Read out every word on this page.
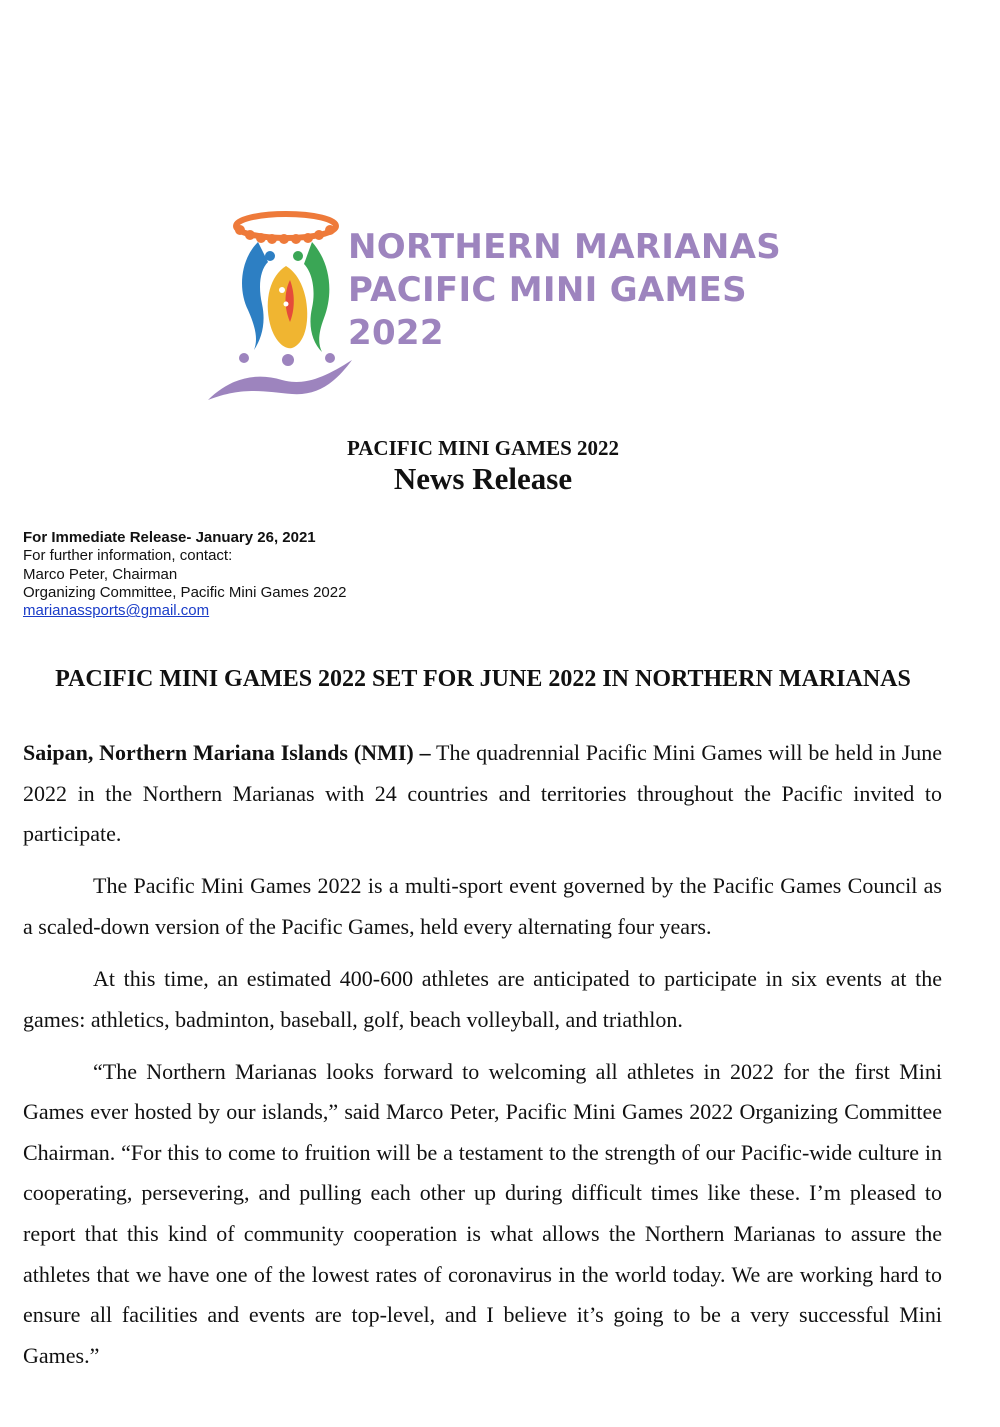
NORTHERN MARIANAS
PACIFIC MINI GAMES
2022
PACIFIC MINI GAMES 2022
News Release
For Immediate Release- January 26, 2021
For further information, contact:
Marco Peter, Chairman
Organizing Committee, Pacific Mini Games 2022
marianassports@gmail.com
PACIFIC MINI GAMES 2022 SET FOR JUNE 2022 IN NORTHERN MARIANAS

Saipan, Northern Mariana Islands (NMI) – The quadrennial Pacific Mini Games will be held in June 2022 in the Northern Marianas with 24 countries and territories throughout the Pacific invited to participate.

The Pacific Mini Games 2022 is a multi-sport event governed by the Pacific Games Council as a scaled-down version of the Pacific Games, held every alternating four years.

At this time, an estimated 400-600 athletes are anticipated to participate in six events at the games: athletics, badminton, baseball, golf, beach volleyball, and triathlon.

“The Northern Marianas looks forward to welcoming all athletes in 2022 for the first Mini Games ever hosted by our islands,” said Marco Peter, Pacific Mini Games 2022 Organizing Committee Chairman. “For this to come to fruition will be a testament to the strength of our Pacific-wide culture in cooperating, persevering, and pulling each other up during difficult times like these. I’m pleased to report that this kind of community cooperation is what allows the Northern Marianas to assure the athletes that we have one of the lowest rates of coronavirus in the world today. We are working hard to ensure all facilities and events are top-level, and I believe it’s going to be a very successful Mini Games.”
